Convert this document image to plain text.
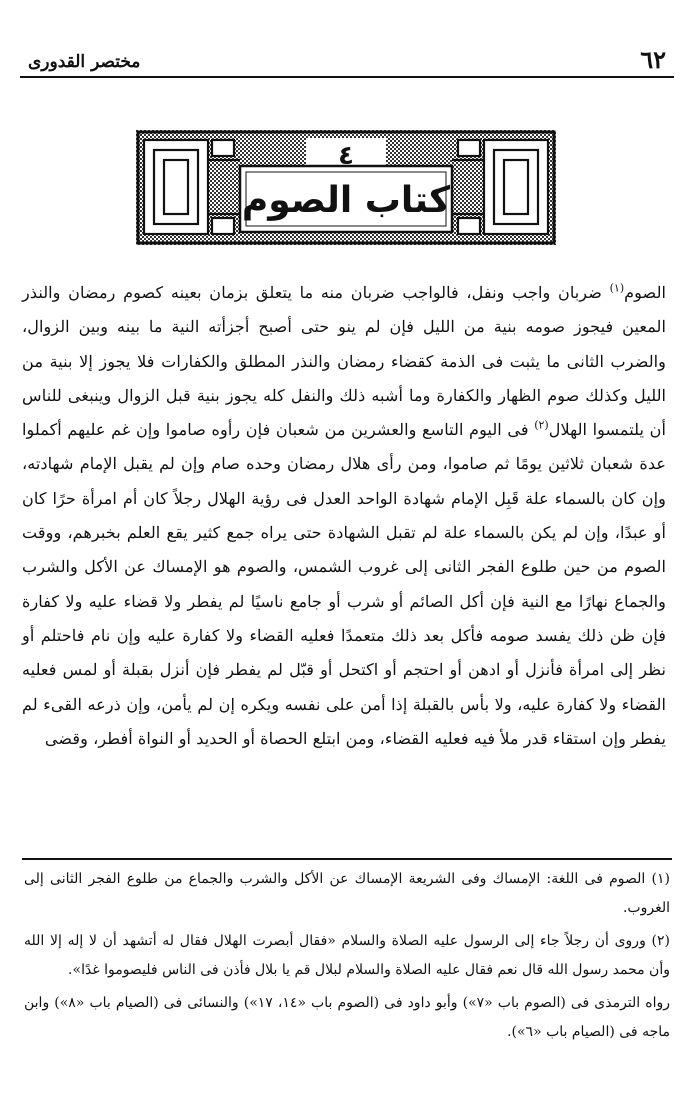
٦٢
مختصر القدورى
٤
كتاب الصوم
الصوم$^{(١)}$ ضربان واجب ونفل، فالواجب ضربان منه ما يتعلق بزمان بعينه كصوم رمضان والنذر المعين فيجوز صومه بنية من الليل فإن لم ينو حتى أصبح أجزأته النية ما بينه وبين الزوال، والضرب الثانى ما يثبت فى الذمة كقضاء رمضان والنذر المطلق والكفارات فلا يجوز إلا بنية من الليل وكذلك صوم الظهار والكفارة وما أشبه ذلك والنفل كله يجوز بنية قبل الزوال وينبغى للناس أن يلتمسوا الهلال$^{(٢)}$ فى اليوم التاسع والعشرين من شعبان فإن رأوه صاموا وإن غم عليهم أكملوا عدة شعبان ثلاثين يومًا ثم صاموا، ومن رأى هلال رمضان وحده صام وإن لم يقبل الإمام شهادته، وإن كان بالسماء علة قَبِل الإمام شهادة الواحد العدل فى رؤية الهلال رجلاً كان أم امرأة حرًا كان أو عبدًا، وإن لم يكن بالسماء علة لم تقبل الشهادة حتى يراه جمع كثير يقع العلم بخبرهم، ووقت الصوم من حين طلوع الفجر الثانى إلى غروب الشمس، والصوم هو الإمساك عن الأكل والشرب والجماع نهارًا مع النية فإن أكل الصائم أو شرب أو جامع ناسيًا لم يفطر ولا قضاء عليه ولا كفارة فإن ظن ذلك يفسد صومه فأكل بعد ذلك متعمدًا فعليه القضاء ولا كفارة عليه وإن نام فاحتلم أو نظر إلى امرأة فأنزل أو ادهن أو احتجم أو اكتحل أو قبّل لم يفطر فإن أنزل بقبلة أو لمس فعليه القضاء ولا كفارة عليه، ولا بأس بالقبلة إذا أمن على نفسه ويكره إن لم يأمن، وإن ذرعه القىء لم يفطر وإن استقاء قدر ملأ فيه فعليه القضاء، ومن ابتلع الحصاة أو الحديد أو النواة أفطر، وقضى

(١) الصوم فى اللغة: الإمساك وفى الشريعة الإمساك عن الأكل والشرب والجماع من طلوع الفجر الثانى إلى الغروب.

(٢) وروى أن رجلاً جاء إلى الرسول عليه الصلاة والسلام «فقال أبصرت الهلال فقال له أتشهد أن لا إله إلا الله وأن محمد رسول الله قال نعم فقال عليه الصلاة والسلام لبلال قم يا بلال فأذن فى الناس فليصوموا غدًا».

رواه الترمذى فى (الصوم باب «٧») وأبو داود فى (الصوم باب «١٤، ١٧») والنسائى فى (الصيام باب «٨») وابن ماجه فى (الصيام باب «٦»).
